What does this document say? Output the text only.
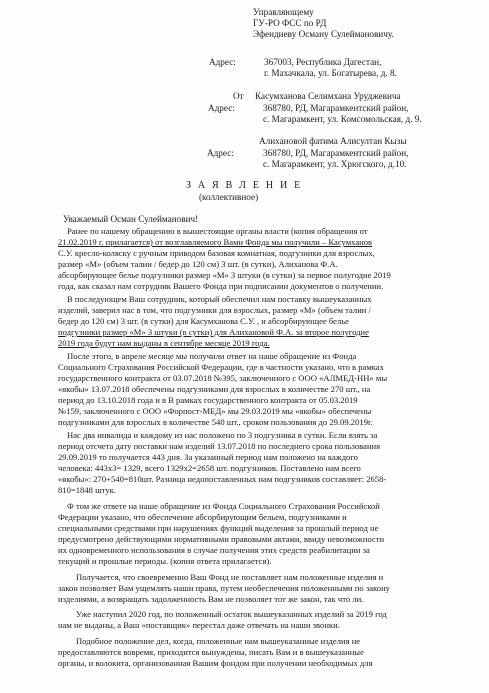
Управляющему
ГУ-РО ФСС по РД
Эфендиеву Осману Сулеймановичу.
Адрес:	367003, Республика Дагестан,
г. Махачкала, ул. Богатырева, д. 8.
От Касумханова Селимхана Уруджевича
Адрес:	368780, РД, Магарамкентский район,
с. Магарамкент, ул. Комсомольская, д. 9.
Алихановой фатима Алисултан Кызы
Адрес:	368780, РД, Магарамкентский район,
с. Магарамкент, ул. Хрюгского, д.10.
З А Я В Л Е Н И Е
(коллективное)
Уважаемый Осман Сулейманович!
Ранее по нашему обращению в вышестоящие органы власти (копия обращения от
21.02.2019 г. прилагается) от возглавляемого Вами Фонда мы получили – Касумханов
С.У. кресло-коляску с ручным приводом базовая комнатная, подгузники для взрослых,
размер «М» (объем талии / бедер до 120 см) 3 шт. (в сутки), Алиханова Ф.А.
абсорбирующее белье подгузники размер «М» 3 штуки (в сутки) за первое полугодие 2019
года, как сказал нам сотрудник Вашего Фонда при подписании документов о получении.
В последующем Ваш сотрудник, который обеспечил нам поставку вышеуказанных
изделий, заверил нас в том, что подгузники для взрослых, размер «М» (объем талии /
бедер до 120 см) 3 шт. (в сутки) для Касумханова С.У. , и абсорбирующее белье
подгузники размер «М» 3 штуки (в сутки) для Алихановой Ф.А. за второе полугодие
2019 года будут нам выданы в сентябре месяце 2019 года.
После этого, в апреле месяце мы получили ответ на наше обращение из Фонда
Социального Страхования Российской Федерации, где в частности указано, что в рамках
государственного контракта от 03.07.2018 №395, заключенного с ООО «АЛМЕД-НН» мы
«якобы» 13.07.2018 обеспечены подгузниками для взрослых в количестве 270 шт., на
период до 13.10.2018 года и в В рамках государственного контракта от 05.03.2019
№159, заключенного с ООО «Форпост-МЕД» мы 29.03.2019 мы «якобы» обеспечены
подгузниками для взрослых в количестве 540 шт., сроком пользования до 29.09.2019г.
Нас два инвалида и каждому из нас положено по 3 подгузника в сутки. Если взять за
период отсчета дату поставки нам изделий 13.07.2018 по последнего срока пользования
29.09.2019 то получается 443 дня. За указанный период нам положено на каждого
человека: 443х3= 1329, всего 1329х2=2658 шт. подгузников. Поставлено нам всего
«якобы»: 270+540=810шт. Разница недопоставленных нам подгузников составляет: 2658-
810=1848 штук.
Ф том же ответе на наше обращение из Фонда Социального Страхования Российской
Федерации указано, что обеспечение абсорбирующим бельем, подгузниками и
специальными средствами при нарушениях функций выделения за прошлый период не
предусмотрено действующими нормативными правовыми актами, ввиду невозможности
их одновременного использования в случае получения этих средств реабилитации за
текущий и прошлые периоды. (копия ответа прилагается).
Получается, что своевременно Ваш Фонд не поставляет нам положенные изделия и
закон позволяет Вам ущемлять наши права, путем необеспечения положенными по закону
изделиями, а возвращать задолженность Вам не позволяет тот же закон, так что ли.
Уже наступил 2020 год, по положенный остаток вышеуказанных изделий за 2019 год
нам не выданы, а Ваш «поставщик» перестал даже отвечать на наши звонки.
Подобное положение дел, когда, положенные нам вышеуказанные изделия не
предоставляются вовремя, приходится вынуждены, писать Вам и в вышеуказанные
органы, и волокита, организованная Вашим фондом при получении необходимых для
